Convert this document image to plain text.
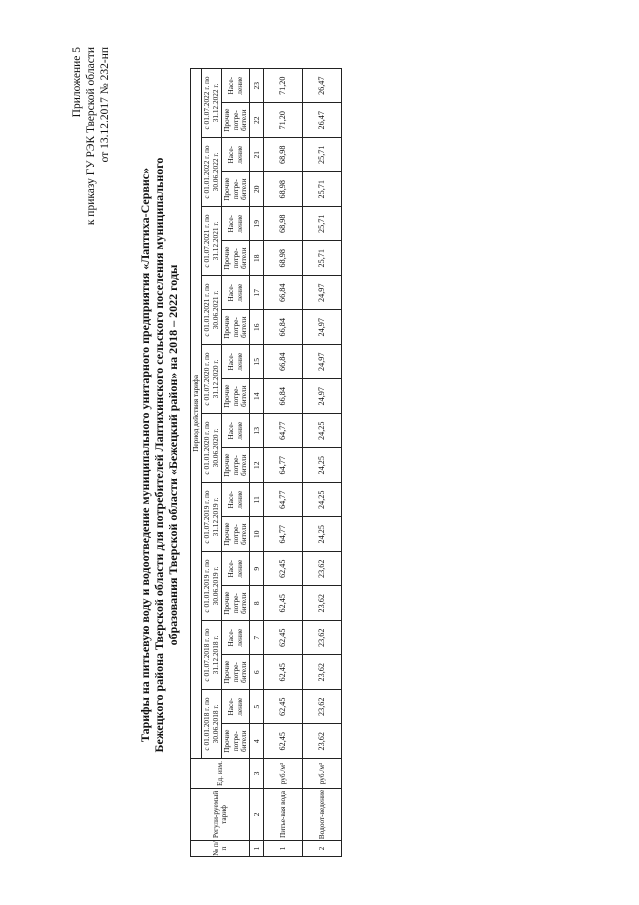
Приложение 5 к приказу ГУ РЭК Тверской области от 13.12.2017 № 232-нп
Тарифы на питьевую воду и водоотведение муниципального унитарного предприятия «Лаптиха-Сервис» Бежецкого района Тверской области для потребителей Лаптихинского сельского поселения муниципального образования Тверской области «Бежецкий район» на 2018 – 2022 годы
№ п/п	Регули-руемый тариф	Ед. изм.	Период действия тарифа																			
			с 01.01.2018 г. по 30.06.2018 г.		с 01.07.2018 г. по 31.12.2018 г.		с 01.01.2019 г. по 30.06.2019 г.		с 01.07.2019 г. по 31.12.2019 г.		с 01.01.2020 г. по 30.06.2020 г.		с 01.07.2020 г. по 31.12.2020 г.		с 01.01.2021 г. по 30.06.2021 г.		с 01.07.2021 г. по 31.12.2021 г.		с 01.01.2022 г. по 30.06.2022 г.		с 01.07.2022 г. по 31.12.2022 г.	
			Прочие потре-бители	Насе-ление	Прочие потре-бители	Насе-ление	Прочие потре-бители	Насе-ление	Прочие потре-бители	Насе-ление	Прочие потре-бители	Насе-ление	Прочие потре-бители	Насе-ление	Прочие потре-бители	Насе-ление	Прочие потре-бители	Насе-ление	Прочие потре-бители	Насе-ление	Прочие потре-бители	Насе-ление
1	2	3	4	5	6	7	8	9	10	11	12	13	14	15	16	17	18	19	20	21	22	23
1	Питье-вая вода	руб./м³	62,45	62,45	62,45	62,45	62,45	62,45	64,77	64,77	64,77	64,77	66,84	66,84	66,84	66,84	68,98	68,98	68,98	68,98	71,20	71,20
2	Водоот-ведение	руб./м³	23,62	23,62	23,62	23,62	23,62	23,62	24,25	24,25	24,25	24,25	24,97	24,97	24,97	24,97	25,71	25,71	25,71	25,71	26,47	26,47
